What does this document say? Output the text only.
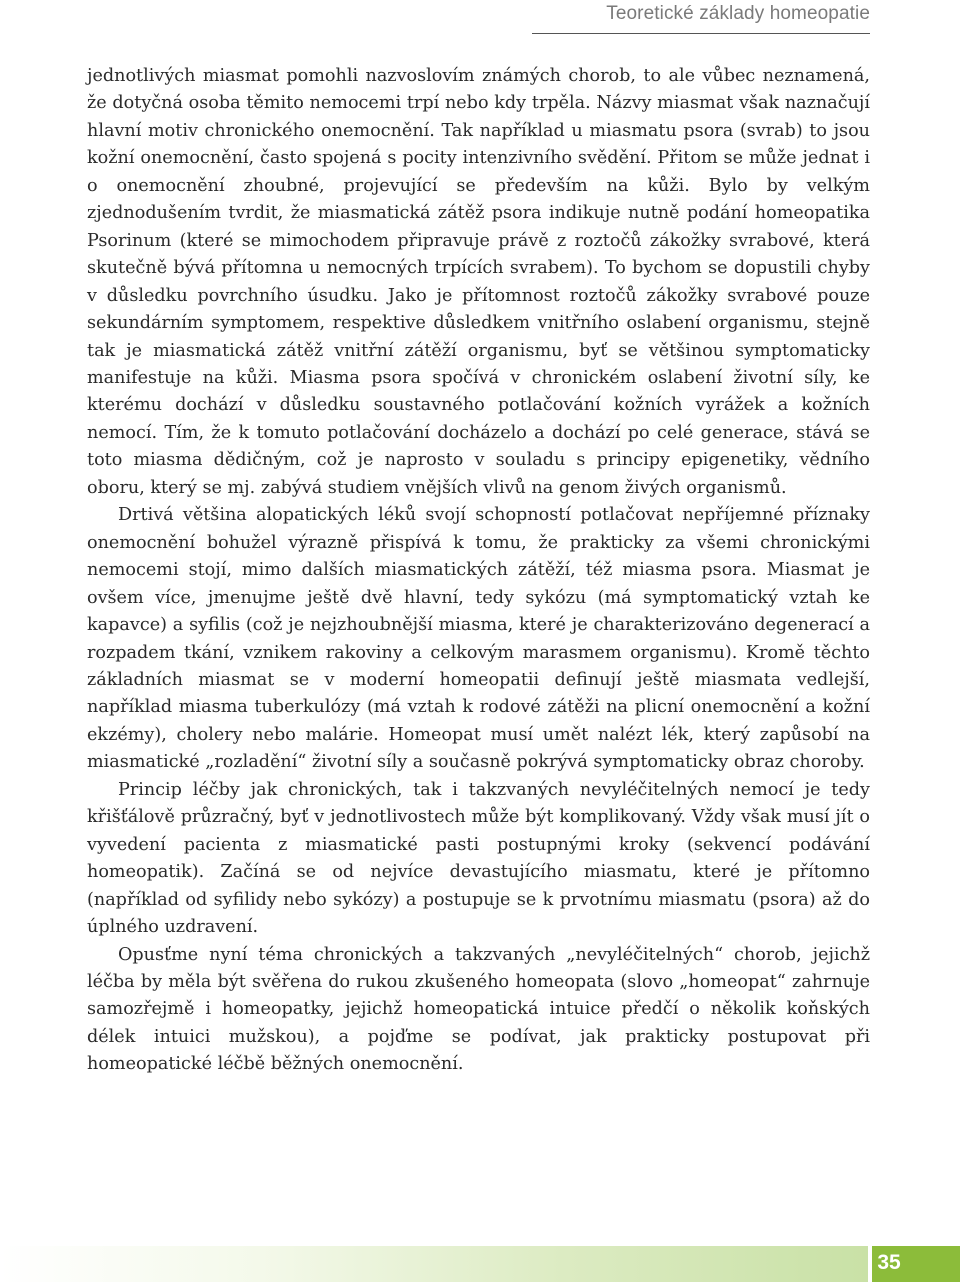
Teoretické základy homeopatie

jednotlivých miasmat pomohli nazvoslovím známých chorob, to ale vůbec neznamená, že dotyčná osoba těmito nemocemi trpí nebo kdy trpěla. Názvy miasmat však naznačují hlavní motiv chronického onemocnění. Tak například u miasmatu psora (svrab) to jsou kožní onemocnění, často spojená s pocity intenzivního svědění. Přitom se může jednat i o onemocnění zhoubné, projevující se především na kůži. Bylo by velkým zjednodušením tvrdit, že miasmatická zátěž psora indikuje nutně podání homeopatika Psorinum (které se mimochodem připravuje právě z roztočů zákožky svrabové, která skutečně bývá přítomna u nemocných trpících svrabem). To bychom se dopustili chyby v důsledku povrchního úsudku. Jako je přítomnost roztočů zákožky svrabové pouze sekundárním symptomem, respektive důsledkem vnitřního oslabení organismu, stejně tak je miasmatická zátěž vnitřní zátěží organismu, byť se většinou symptomaticky manifestuje na kůži. Miasma psora spočívá v chronickém oslabení životní síly, ke kterému dochází v důsledku soustavného potlačování kožních vyrážek a kožních nemocí. Tím, že k tomuto potlačování docházelo a dochází po celé generace, stává se toto miasma dědičným, což je naprosto v souladu s principy epigenetiky, vědního oboru, který se mj. zabývá studiem vnějších vlivů na genom živých organismů.

Drtivá většina alopatických léků svojí schopností potlačovat nepříjemné příznaky onemocnění bohužel výrazně přispívá k tomu, že prakticky za všemi chronickými nemocemi stojí, mimo dalších miasmatických zátěží, též miasma psora. Miasmat je ovšem více, jmenujme ještě dvě hlavní, tedy sykózu (má symptomatický vztah ke kapavce) a syfilis (což je nejzhoubnější miasma, které je charakterizováno degenerací a rozpadem tkání, vznikem rakoviny a celkovým marasmem organismu). Kromě těchto základních miasmat se v moderní homeopatii definují ještě miasmata vedlejší, například miasma tuberkulózy (má vztah k rodové zátěži na plicní onemocnění a kožní ekzémy), cholery nebo malárie. Homeopat musí umět nalézt lék, který zapůsobí na miasmatické „rozladění“ životní síly a současně pokrývá symptomaticky obraz choroby.

Princip léčby jak chronických, tak i takzvaných nevyléčitelných nemocí je tedy křišťálově průzračný, byť v jednotlivostech může být komplikovaný. Vždy však musí jít o vyvedení pacienta z miasmatické pasti postupnými kroky (sekvencí podávání homeopatik). Začíná se od nejvíce devastujícího miasmatu, které je přítomno (například od syfilidy nebo sykózy) a postupuje se k prvotnímu miasmatu (psora) až do úplného uzdravení.

Opusťme nyní téma chronických a takzvaných „nevyléčitelných“ chorob, jejichž léčba by měla být svěřena do rukou zkušeného homeopata (slovo „homeopat“ zahrnuje samozřejmě i homeopatky, jejichž homeopatická intuice předčí o několik koňských délek intuici mužskou), a pojďme se podívat, jak prakticky postupovat při homeopatické léčbě běžných onemocnění.

35
